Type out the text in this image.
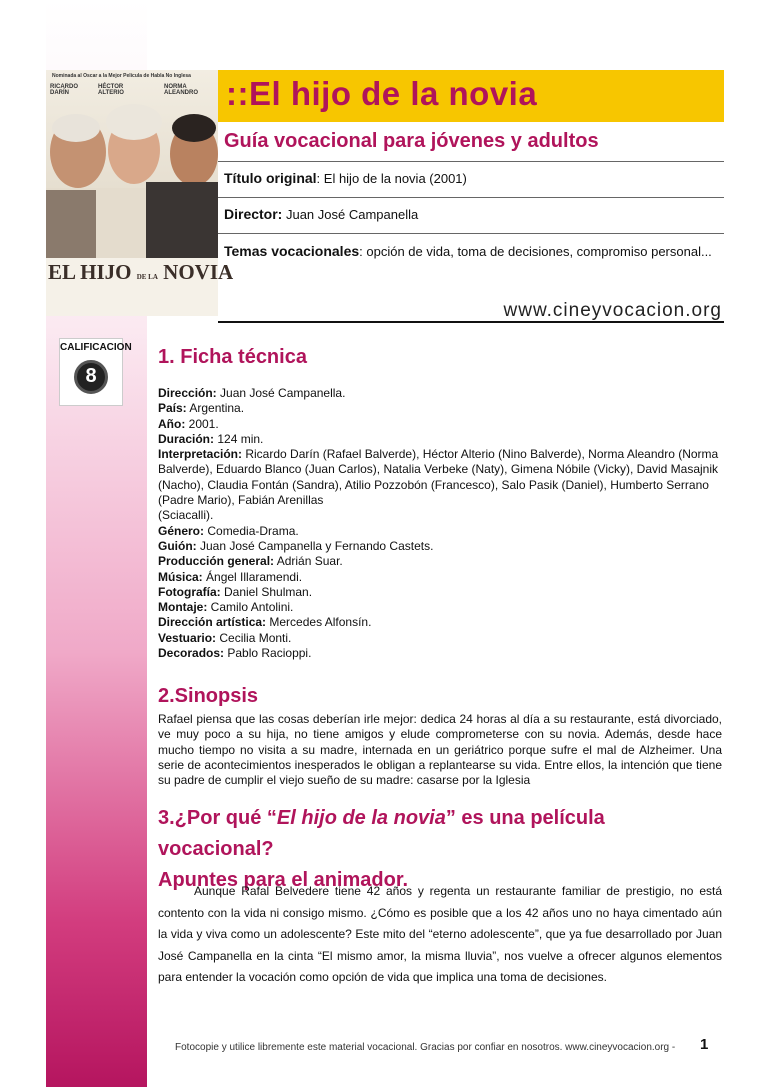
Nominada al Oscar a la Mejor Película de Habla No Inglesa
RICARDO DARÍN
HÉCTOR ALTERIO
NORMA ALEANDRO
EL HIJO DE LA NOVIA
::El hijo de la novia
Guía vocacional para jóvenes y adultos
Título original: El hijo de la novia (2001)
Director: Juan José Campanella
Temas vocacionales: opción de vida, toma de decisiones, compromiso personal...
www.cineyvocacion.org
CALIFICACION
8
1. Ficha técnica
Dirección: Juan José Campanella.
País: Argentina.
Año: 2001.
Duración: 124 min.
Interpretación: Ricardo Darín (Rafael Balverde), Héctor Alterio (Nino Balverde), Norma Aleandro (Norma Balverde), Eduardo Blanco (Juan Carlos), Natalia Verbeke (Naty), Gimena Nóbile (Vicky), David Masajnik (Nacho), Claudia Fontán (Sandra), Atilio Pozzobón (Francesco), Salo Pasik (Daniel), Humberto Serrano (Padre Mario), Fabián Arenillas
(Sciacalli).
Género: Comedia-Drama.
Guión: Juan José Campanella y Fernando Castets.
Producción general: Adrián Suar.
Música: Ángel Illaramendi.
Fotografía: Daniel Shulman.
Montaje: Camilo Antolini.
Dirección artística: Mercedes Alfonsín.
Vestuario: Cecilia Monti.
Decorados: Pablo Racioppi.
2.Sinopsis
Rafael piensa que las cosas deberían irle mejor: dedica 24 horas al día a su restaurante, está divorciado, ve muy poco a su hija, no tiene amigos y elude comprometerse con su novia. Además, desde hace mucho tiempo no visita a su madre, internada en un geriátrico porque sufre el mal de Alzheimer. Una serie de acontecimientos inesperados le obligan a replantearse su vida. Entre ellos, la intención que tiene su padre de cumplir el viejo sueño de su madre: casarse por la Iglesia
3.¿Por qué “El hijo de la novia” es una película vocacional?
Apuntes para el animador.
Aunque Rafal Belvedere tiene 42 años y regenta un restaurante familiar de prestigio, no está contento con la vida ni consigo mismo. ¿Cómo es posible que a los 42 años uno no haya cimentado aún la vida y viva como un adolescente? Este mito del “eterno adolescente”, que ya fue desarrollado por Juan José Campanella en la cinta “El mismo amor, la misma lluvia”, nos vuelve a ofrecer algunos elementos para entender la vocación como opción de vida que implica una toma de decisiones.
Fotocopie y utilice libremente este material vocacional. Gracias por confiar en nosotros. www.cineyvocacion.org - 1
